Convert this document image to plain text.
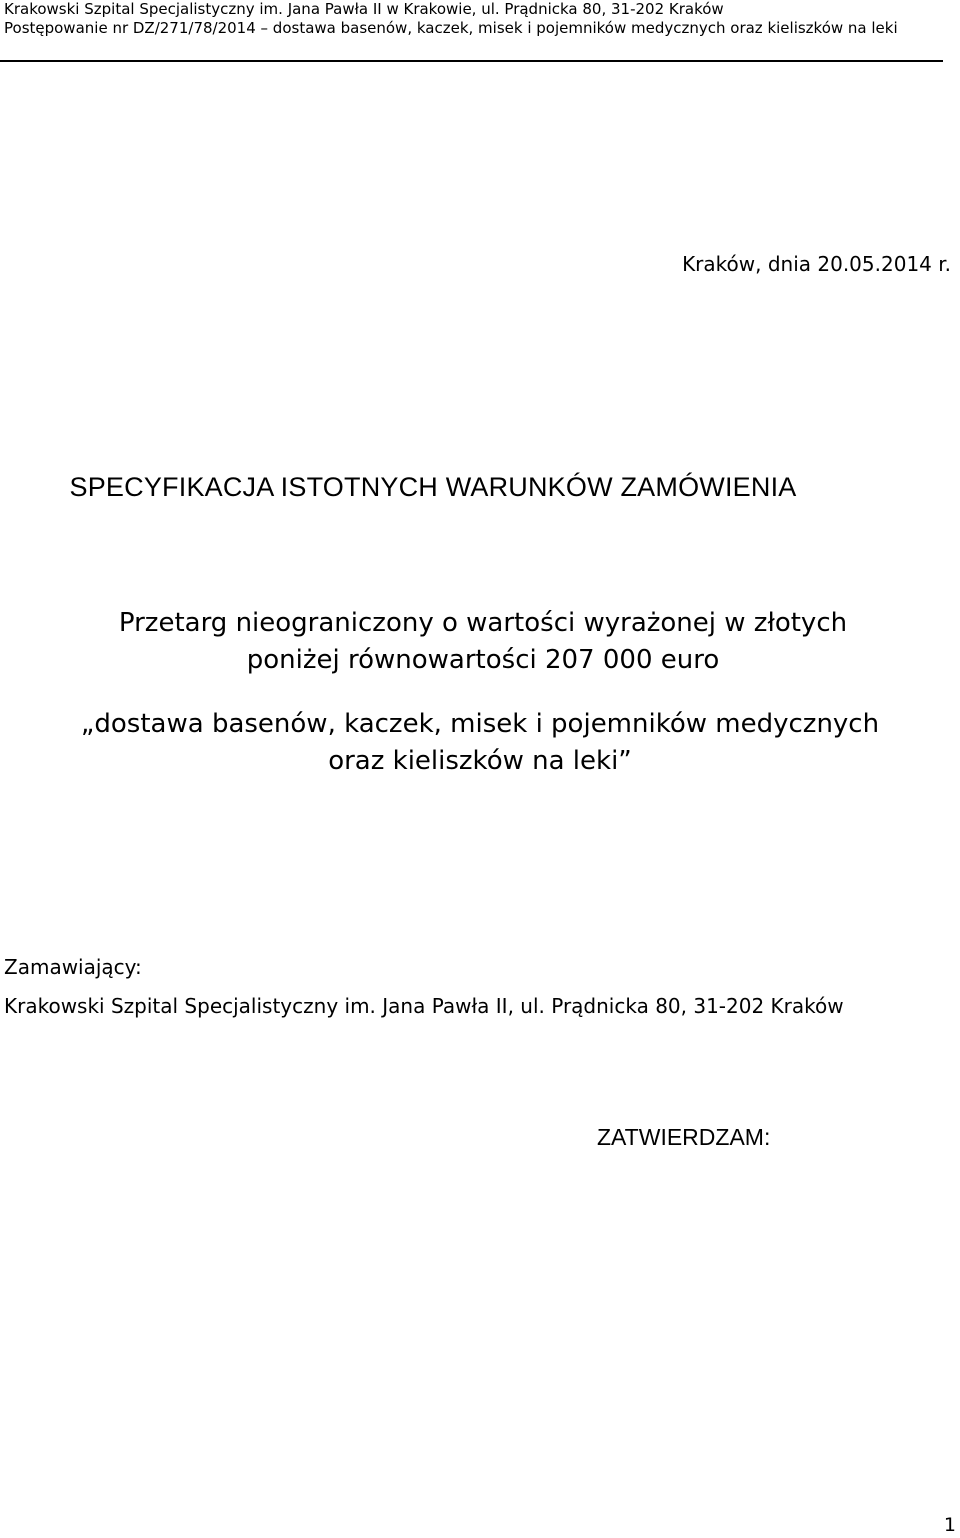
Krakowski Szpital Specjalistyczny im. Jana Pawła II w Krakowie, ul. Prądnicka 80, 31-202 Kraków
Postępowanie nr DZ/271/78/2014 – dostawa basenów, kaczek, misek i pojemników medycznych oraz kieliszków na leki
Kraków, dnia 20.05.2014 r.
SPECYFIKACJA ISTOTNYCH WARUNKÓW ZAMÓWIENIA
Przetarg nieograniczony o wartości wyrażonej w złotych
poniżej równowartości 207 000 euro
„dostawa basenów, kaczek, misek i pojemników medycznych
oraz kieliszków na leki”
Zamawiający:
Krakowski Szpital Specjalistyczny im. Jana Pawła II, ul. Prądnicka 80, 31-202 Kraków
ZATWIERDZAM:
1
